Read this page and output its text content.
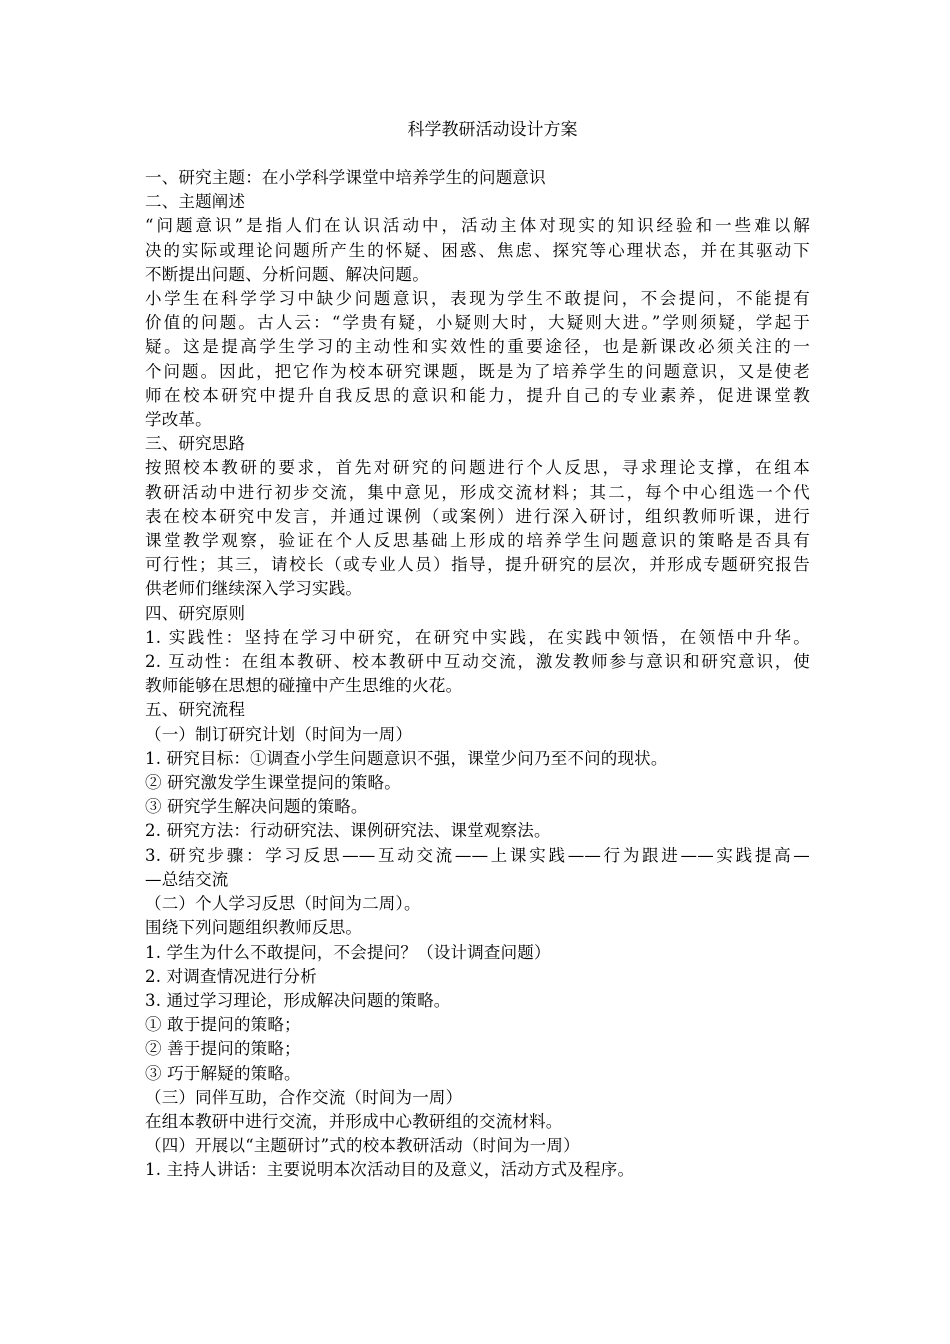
科学教研活动设计方案
一、研究主题：在小学科学课堂中培养学生的问题意识
二、主题阐述
“问题意识”是指人们在认识活动中，活动主体对现实的知识经验和一些难以解
决的实际或理论问题所产生的怀疑、困惑、焦虑、探究等心理状态，并在其驱动下
不断提出问题、分析问题、解决问题。
小学生在科学学习中缺少问题意识，表现为学生不敢提问，不会提问，不能提有
价值的问题。古人云：“学贵有疑，小疑则大时，大疑则大进。”学则须疑，学起于
疑。这是提高学生学习的主动性和实效性的重要途径，也是新课改必须关注的一
个问题。因此，把它作为校本研究课题，既是为了培养学生的问题意识，又是使老
师在校本研究中提升自我反思的意识和能力，提升自己的专业素养，促进课堂教
学改革。
三、研究思路
按照校本教研的要求，首先对研究的问题进行个人反思，寻求理论支撑，在组本
教研活动中进行初步交流，集中意见，形成交流材料；其二，每个中心组选一个代
表在校本研究中发言，并通过课例（或案例）进行深入研讨，组织教师听课，进行
课堂教学观察，验证在个人反思基础上形成的培养学生问题意识的策略是否具有
可行性；其三，请校长（或专业人员）指导，提升研究的层次，并形成专题研究报告
供老师们继续深入学习实践。
四、研究原则
1. 实践性：坚持在学习中研究，在研究中实践，在实践中领悟，在领悟中升华。
2. 互动性：在组本教研、校本教研中互动交流，激发教师参与意识和研究意识，使
教师能够在思想的碰撞中产生思维的火花。
五、研究流程
（一）制订研究计划（时间为一周）
1. 研究目标：①调查小学生问题意识不强，课堂少问乃至不问的现状。
② 研究激发学生课堂提问的策略。
③ 研究学生解决问题的策略。
2. 研究方法：行动研究法、课例研究法、课堂观察法。
3. 研究步骤：学习反思——互动交流——上课实践——行为跟进——实践提高—
—总结交流
（二）个人学习反思（时间为二周）。
围绕下列问题组织教师反思。
1. 学生为什么不敢提问，不会提问？（设计调查问题）
2. 对调查情况进行分析
3. 通过学习理论，形成解决问题的策略。
① 敢于提问的策略；
② 善于提问的策略；
③ 巧于解疑的策略。
（三）同伴互助，合作交流（时间为一周）
在组本教研中进行交流，并形成中心教研组的交流材料。
（四）开展以“主题研讨”式的校本教研活动（时间为一周）
1. 主持人讲话：主要说明本次活动目的及意义，活动方式及程序。
